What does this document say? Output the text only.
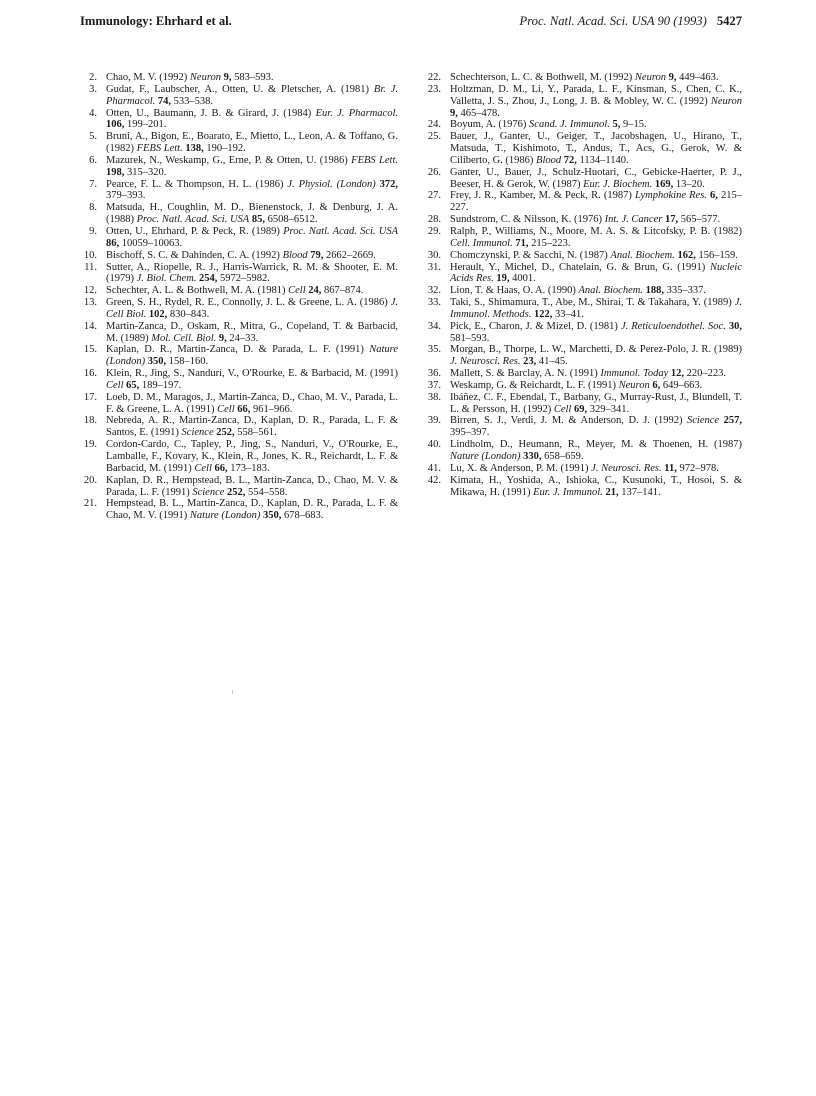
Immunology: Ehrhard et al.	Proc. Natl. Acad. Sci. USA 90 (1993) 5427

2. Chao, M. V. (1992) Neuron 9, 583–593.

3. Gudat, F., Laubscher, A., Otten, U. & Pletscher, A. (1981) Br. J. Pharmacol. 74, 533–538.

4. Otten, U., Baumann, J. B. & Girard, J. (1984) Eur. J. Pharmacol. 106, 199–201.

5. Bruni, A., Bigon, E., Boarato, E., Mietto, L., Leon, A. & Toffano, G. (1982) FEBS Lett. 138, 190–192.

6. Mazurek, N., Weskamp, G., Erne, P. & Otten, U. (1986) FEBS Lett. 198, 315–320.

7. Pearce, F. L. & Thompson, H. L. (1986) J. Physiol. (London) 372, 379–393.

8. Matsuda, H., Coughlin, M. D., Bienenstock, J. & Denburg, J. A. (1988) Proc. Natl. Acad. Sci. USA 85, 6508–6512.

9. Otten, U., Ehrhard, P. & Peck, R. (1989) Proc. Natl. Acad. Sci. USA 86, 10059–10063.

10. Bischoff, S. C. & Dahinden, C. A. (1992) Blood 79, 2662–2669.

11. Sutter, A., Riopelle, R. J., Harris-Warrick, R. M. & Shooter, E. M. (1979) J. Biol. Chem. 254, 5972–5982.

12. Schechter, A. L. & Bothwell, M. A. (1981) Cell 24, 867–874.

13. Green, S. H., Rydel, R. E., Connolly, J. L. & Greene, L. A. (1986) J. Cell Biol. 102, 830–843.

14. Martin-Zanca, D., Oskam, R., Mitra, G., Copeland, T. & Barbacid, M. (1989) Mol. Cell. Biol. 9, 24–33.

15. Kaplan, D. R., Martin-Zanca, D. & Parada, L. F. (1991) Nature (London) 350, 158–160.

16. Klein, R., Jing, S., Nanduri, V., O'Rourke, E. & Barbacid, M. (1991) Cell 65, 189–197.

17. Loeb, D. M., Maragos, J., Martin-Zanca, D., Chao, M. V., Parada, L. F. & Greene, L. A. (1991) Cell 66, 961–966.

18. Nebreda, A. R., Martin-Zanca, D., Kaplan, D. R., Parada, L. F. & Santos, E. (1991) Science 252, 558–561.

19. Cordon-Cardo, C., Tapley, P., Jing, S., Nanduri, V., O'Rourke, E., Lamballe, F., Kovary, K., Klein, R., Jones, K. R., Reichardt, L. F. & Barbacid, M. (1991) Cell 66, 173–183.

20. Kaplan, D. R., Hempstead, B. L., Martin-Zanca, D., Chao, M. V. & Parada, L. F. (1991) Science 252, 554–558.

21. Hempstead, B. L., Martin-Zanca, D., Kaplan, D. R., Parada, L. F. & Chao, M. V. (1991) Nature (London) 350, 678–683.

22. Schechterson, L. C. & Bothwell, M. (1992) Neuron 9, 449–463.

23. Holtzman, D. M., Li, Y., Parada, L. F., Kinsman, S., Chen, C. K., Valletta, J. S., Zhou, J., Long, J. B. & Mobley, W. C. (1992) Neuron 9, 465–478.

24. Boyum, A. (1976) Scand. J. Immunol. 5, 9–15.

25. Bauer, J., Ganter, U., Geiger, T., Jacobshagen, U., Hirano, T., Matsuda, T., Kishimoto, T., Andus, T., Acs, G., Gerok, W. & Ciliberto, G. (1986) Blood 72, 1134–1140.

26. Ganter, U., Bauer, J., Schulz-Huotari, C., Gebicke-Haerter, P. J., Beeser, H. & Gerok, W. (1987) Eur. J. Biochem. 169, 13–20.

27. Frey, J. R., Kamber, M. & Peck, R. (1987) Lymphokine Res. 6, 215–227.

28. Sundstrom, C. & Nilsson, K. (1976) Int. J. Cancer 17, 565–577.

29. Ralph, P., Williams, N., Moore, M. A. S. & Litcofsky, P. B. (1982) Cell. Immunol. 71, 215–223.

30. Chomczynski, P. & Sacchi, N. (1987) Anal. Biochem. 162, 156–159.

31. Herault, Y., Michel, D., Chatelain, G. & Brun, G. (1991) Nucleic Acids Res. 19, 4001.

32. Lion, T. & Haas, O. A. (1990) Anal. Biochem. 188, 335–337.

33. Taki, S., Shimamura, T., Abe, M., Shirai, T. & Takahara, Y. (1989) J. Immunol. Methods. 122, 33–41.

34. Pick, E., Charon, J. & Mizel, D. (1981) J. Reticuloendothel. Soc. 30, 581–593.

35. Morgan, B., Thorpe, L. W., Marchetti, D. & Perez-Polo, J. R. (1989) J. Neurosci. Res. 23, 41–45.

36. Mallett, S. & Barclay, A. N. (1991) Immunol. Today 12, 220–223.

37. Weskamp, G. & Reichardt, L. F. (1991) Neuron 6, 649–663.

38. Ibáñez, C. F., Ebendal, T., Barbany, G., Murray-Rust, J., Blundell, T. L. & Persson, H. (1992) Cell 69, 329–341.

39. Birren, S. J., Verdi, J. M. & Anderson, D. J. (1992) Science 257, 395–397.

40. Lindholm, D., Heumann, R., Meyer, M. & Thoenen, H. (1987) Nature (London) 330, 658–659.

41. Lu, X. & Anderson, P. M. (1991) J. Neurosci. Res. 11, 972–978.

42. Kimata, H., Yoshida, A., Ishioka, C., Kusunoki, T., Hosoi, S. & Mikawa, H. (1991) Eur. J. Immunol. 21, 137–141.
